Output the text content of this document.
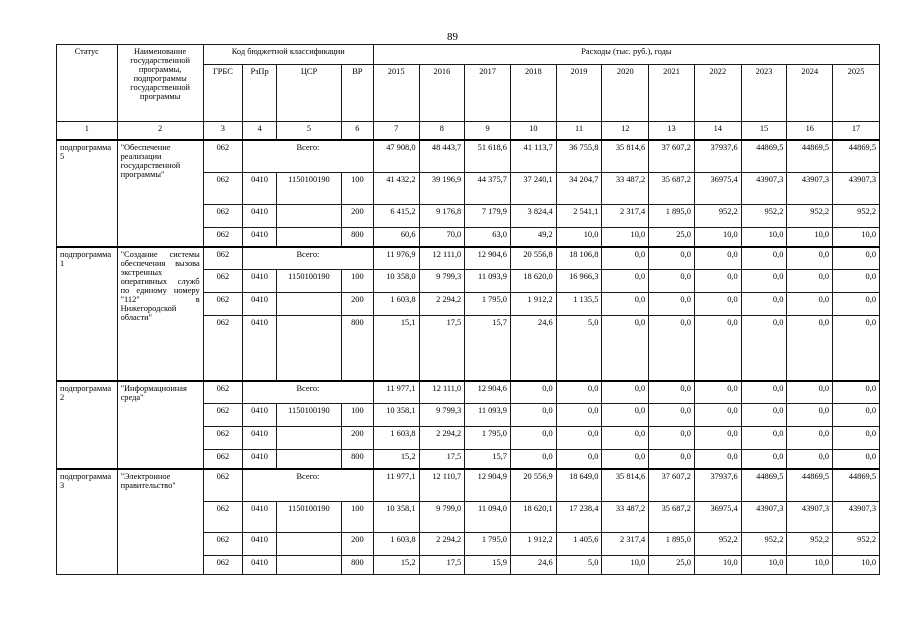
89
Статус	Наименование государственной программы, подпрограммы государственной программы	Код бюджетной классификации				Расходы (тыс. руб.), годы										
		ГРБС	РзПр	ЦСР	ВР	2015	2016	2017	2018	2019	2020	2021	2022	2023	2024	2025
1	2	3	4	5	6	7	8	9	10	11	12	13	14	15	16	17
подпрограмма 5	"Обеспечение реализации государственной программы"	062	Всего:			47 908,0	48 443,7	51 618,6	41 113,7	36 755,8	35 814,6	37 607,2	37937,6	44869,5	44869,5	44869,5
		062	0410	1150100190	100	41 432,2	39 196,9	44 375,7	37 240,1	34 204,7	33 487,2	35 687,2	36975,4	43907,3	43907,3	43907,3
		062	0410		200	6 415,2	9 176,8	7 179,9	3 824,4	2 541,1	2 317,4	1 895,0	952,2	952,2	952,2	952,2
		062	0410		800	60,6	70,0	63,0	49,2	10,0	10,0	25,0	10,0	10,0	10,0	10,0
подпрограмма 1	"Создание системы обеспечения вызова экстренных оперативных служб по единому номеру "112" в Нижегородской области"	062	Всего:			11 976,9	12 111,0	12 904,6	20 556,8	18 106,8	0,0	0,0	0,0	0,0	0,0	0,0
		062	0410	1150100190	100	10 358,0	9 799,3	11 093,9	18 620,0	16 966,3	0,0	0,0	0,0	0,0	0,0	0,0
		062	0410		200	1 603,8	2 294,2	1 795,0	1 912,2	1 135,5	0,0	0,0	0,0	0,0	0,0	0,0
		062	0410		800	15,1	17,5	15,7	24,6	5,0	0,0	0,0	0,0	0,0	0,0	0,0
подпрограмма 2	"Информационная среда"	062	Всего:			11 977,1	12 111,0	12 904,6	0,0	0,0	0,0	0,0	0,0	0,0	0,0	0,0
		062	0410	1150100190	100	10 358,1	9 799,3	11 093,9	0,0	0,0	0,0	0,0	0,0	0,0	0,0	0,0
		062	0410		200	1 603,8	2 294,2	1 795,0	0,0	0,0	0,0	0,0	0,0	0,0	0,0	0,0
		062	0410		800	15,2	17,5	15,7	0,0	0,0	0,0	0,0	0,0	0,0	0,0	0,0
подпрограмма 3	"Электронное правительство"	062	Всего:			11 977,1	12 110,7	12 904,9	20 556,9	18 649,0	35 814,6	37 607,2	37937,6	44869,5	44869,5	44869,5
		062	0410	1150100190	100	10 358,1	9 799,0	11 094,0	18 620,1	17 238,4	33 487,2	35 687,2	36975,4	43907,3	43907,3	43907,3
		062	0410		200	1 603,8	2 294,2	1 795,0	1 912,2	1 405,6	2 317,4	1 895,0	952,2	952,2	952,2	952,2
		062	0410		800	15,2	17,5	15,9	24,6	5,0	10,0	25,0	10,0	10,0	10,0	10,0
